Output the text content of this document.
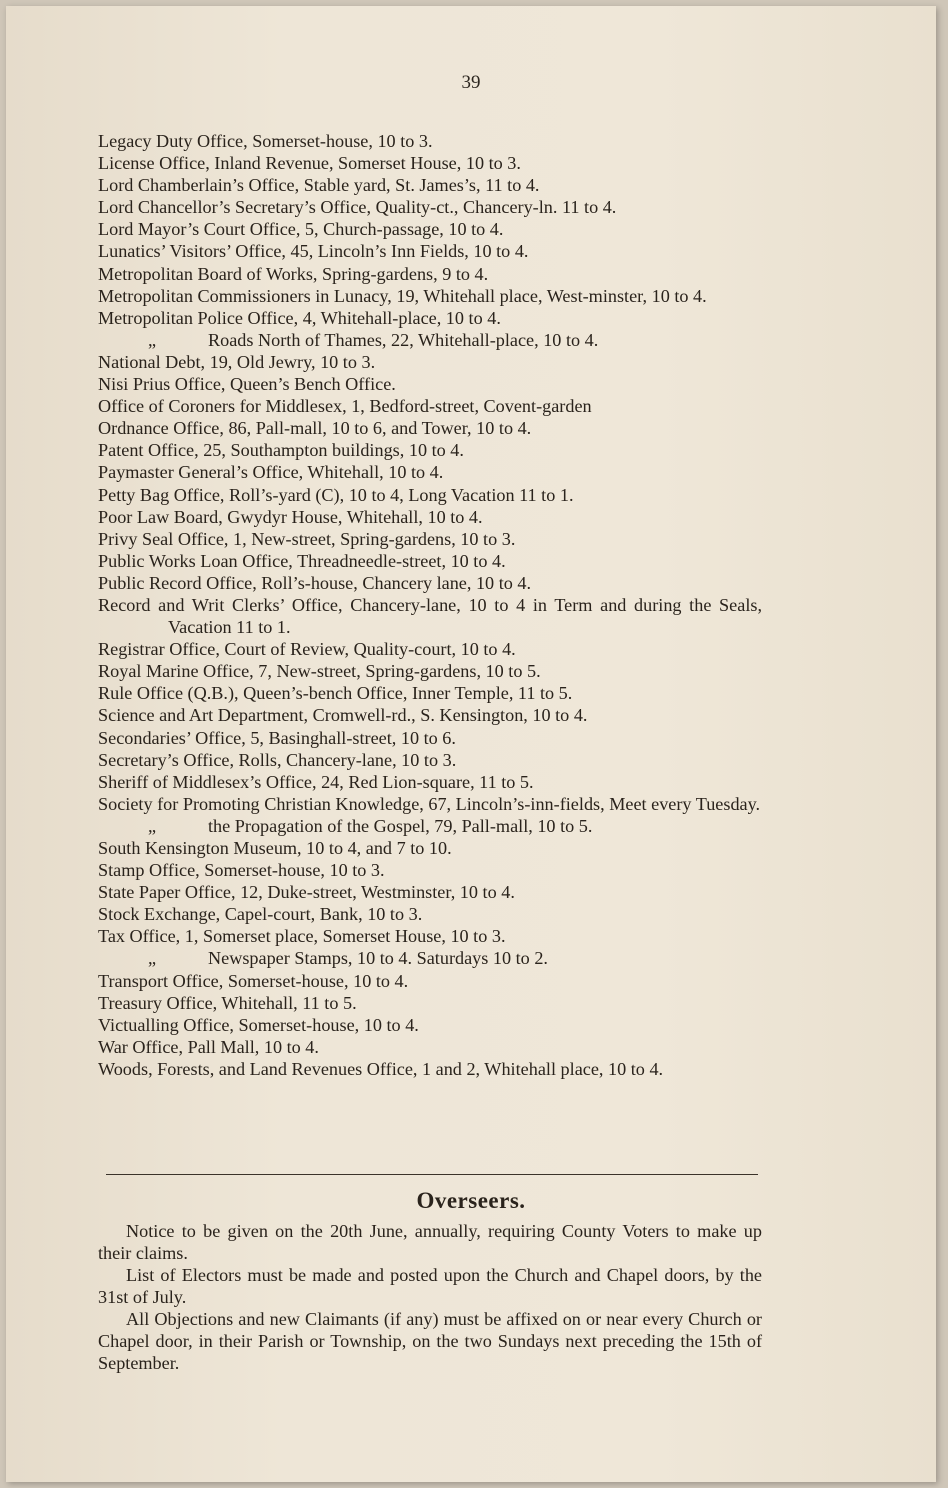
39
Legacy Duty Office, Somerset-house, 10 to 3.
License Office, Inland Revenue, Somerset House, 10 to 3.
Lord Chamberlain’s Office, Stable yard, St. James’s, 11 to 4.
Lord Chancellor’s Secretary’s Office, Quality-ct., Chancery-ln. 11 to 4.
Lord Mayor’s Court Office, 5, Church-passage, 10 to 4.
Lunatics’ Visitors’ Office, 45, Lincoln’s Inn Fields, 10 to 4.
Metropolitan Board of Works, Spring-gardens, 9 to 4.
Metropolitan Commissioners in Lunacy, 19, Whitehall place, West-minster, 10 to 4.
Metropolitan Police Office, 4, Whitehall-place, 10 to 4.
„	Roads North of Thames, 22, Whitehall-place, 10 to 4.
National Debt, 19, Old Jewry, 10 to 3.
Nisi Prius Office, Queen’s Bench Office.
Office of Coroners for Middlesex, 1, Bedford-street, Covent-garden
Ordnance Office, 86, Pall-mall, 10 to 6, and Tower, 10 to 4.
Patent Office, 25, Southampton buildings, 10 to 4.
Paymaster General’s Office, Whitehall, 10 to 4.
Petty Bag Office, Roll’s-yard (C), 10 to 4, Long Vacation 11 to 1.
Poor Law Board, Gwydyr House, Whitehall, 10 to 4.
Privy Seal Office, 1, New-street, Spring-gardens, 10 to 3.
Public Works Loan Office, Threadneedle-street, 10 to 4.
Public Record Office, Roll’s-house, Chancery lane, 10 to 4.
Record and Writ Clerks’ Office, Chancery-lane, 10 to 4 in Term and during the Seals, Vacation 11 to 1.
Registrar Office, Court of Review, Quality-court, 10 to 4.
Royal Marine Office, 7, New-street, Spring-gardens, 10 to 5.
Rule Office (Q.B.), Queen’s-bench Office, Inner Temple, 11 to 5.
Science and Art Department, Cromwell-rd., S. Kensington, 10 to 4.
Secondaries’ Office, 5, Basinghall-street, 10 to 6.
Secretary’s Office, Rolls, Chancery-lane, 10 to 3.
Sheriff of Middlesex’s Office, 24, Red Lion-square, 11 to 5.
Society for Promoting Christian Knowledge, 67, Lincoln’s-inn-fields, Meet every Tuesday.
„	the Propagation of the Gospel, 79, Pall-mall, 10 to 5.
South Kensington Museum, 10 to 4, and 7 to 10.
Stamp Office, Somerset-house, 10 to 3.
State Paper Office, 12, Duke-street, Westminster, 10 to 4.
Stock Exchange, Capel-court, Bank, 10 to 3.
Tax Office, 1, Somerset place, Somerset House, 10 to 3.
„	Newspaper Stamps, 10 to 4. Saturdays 10 to 2.
Transport Office, Somerset-house, 10 to 4.
Treasury Office, Whitehall, 11 to 5.
Victualling Office, Somerset-house, 10 to 4.
War Office, Pall Mall, 10 to 4.
Woods, Forests, and Land Revenues Office, 1 and 2, Whitehall place, 10 to 4.
Overseers.

Notice to be given on the 20th June, annually, requiring County Voters to make up their claims.

List of Electors must be made and posted upon the Church and Chapel doors, by the 31st of July.

All Objections and new Claimants (if any) must be affixed on or near every Church or Chapel door, in their Parish or Township, on the two Sundays next preceding the 15th of September.
